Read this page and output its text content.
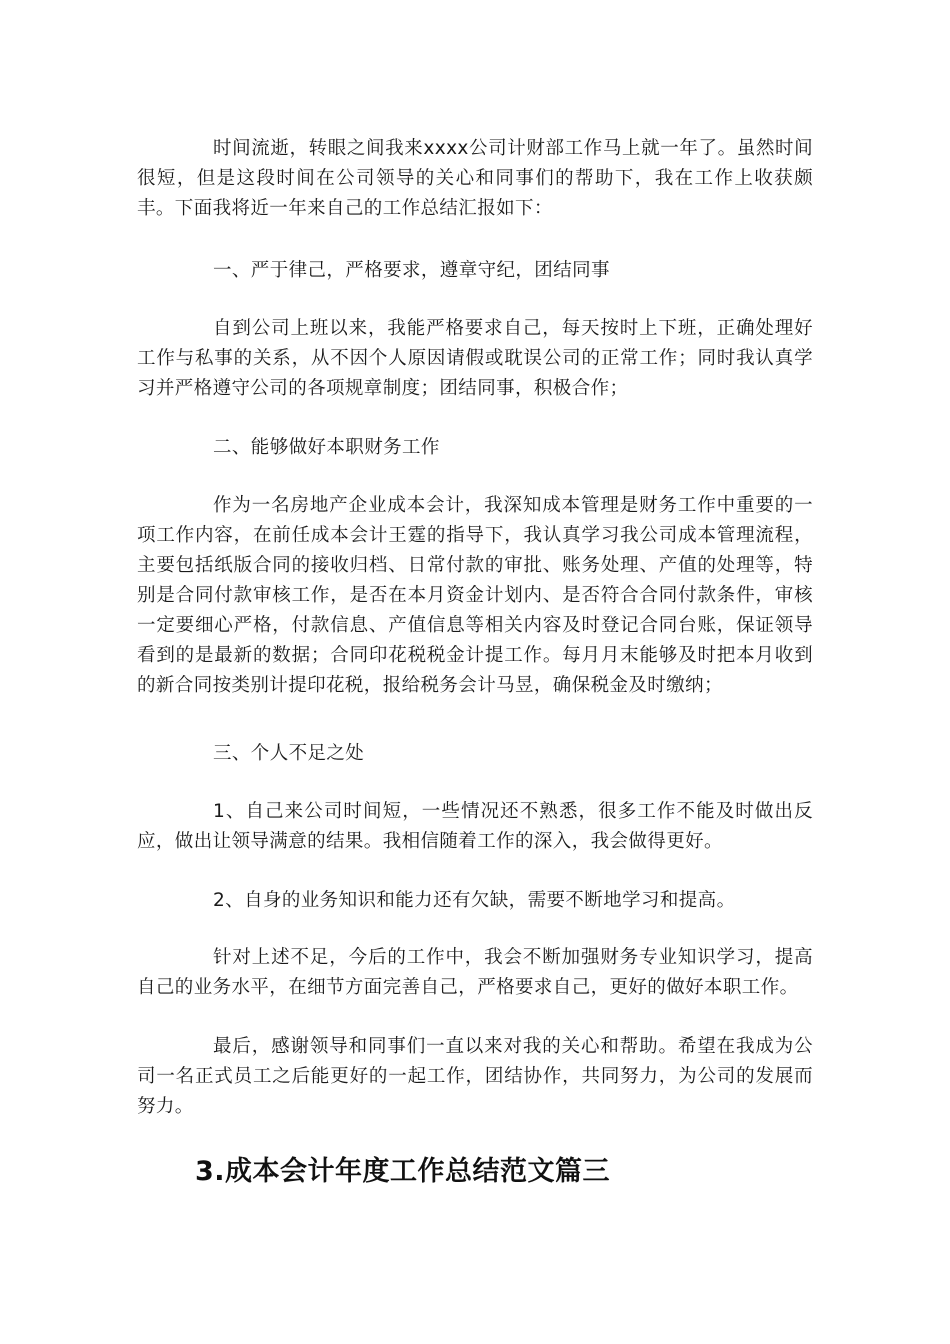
时间流逝，转眼之间我来xxxx公司计财部工作马上就一年了。虽然时间很短，但是这段时间在公司领导的关心和同事们的帮助下，我在工作上收获颇丰。下面我将近一年来自己的工作总结汇报如下：

一、严于律己，严格要求，遵章守纪，团结同事

自到公司上班以来，我能严格要求自己，每天按时上下班，正确处理好工作与私事的关系，从不因个人原因请假或耽误公司的正常工作；同时我认真学习并严格遵守公司的各项规章制度；团结同事，积极合作；

二、能够做好本职财务工作

作为一名房地产企业成本会计，我深知成本管理是财务工作中重要的一项工作内容，在前任成本会计王霆的指导下，我认真学习我公司成本管理流程，主要包括纸版合同的接收归档、日常付款的审批、账务处理、产值的处理等，特别是合同付款审核工作，是否在本月资金计划内、是否符合合同付款条件，审核一定要细心严格，付款信息、产值信息等相关内容及时登记合同台账，保证领导看到的是最新的数据；合同印花税税金计提工作。每月月末能够及时把本月收到的新合同按类别计提印花税，报给税务会计马昱，确保税金及时缴纳；

三、个人不足之处

1、自己来公司时间短，一些情况还不熟悉，很多工作不能及时做出反应，做出让领导满意的结果。我相信随着工作的深入，我会做得更好。

2、自身的业务知识和能力还有欠缺，需要不断地学习和提高。

针对上述不足，今后的工作中，我会不断加强财务专业知识学习，提高自己的业务水平，在细节方面完善自己，严格要求自己，更好的做好本职工作。

最后，感谢领导和同事们一直以来对我的关心和帮助。希望在我成为公司一名正式员工之后能更好的一起工作，团结协作，共同努力，为公司的发展而努力。

3.成本会计年度工作总结范文篇三
